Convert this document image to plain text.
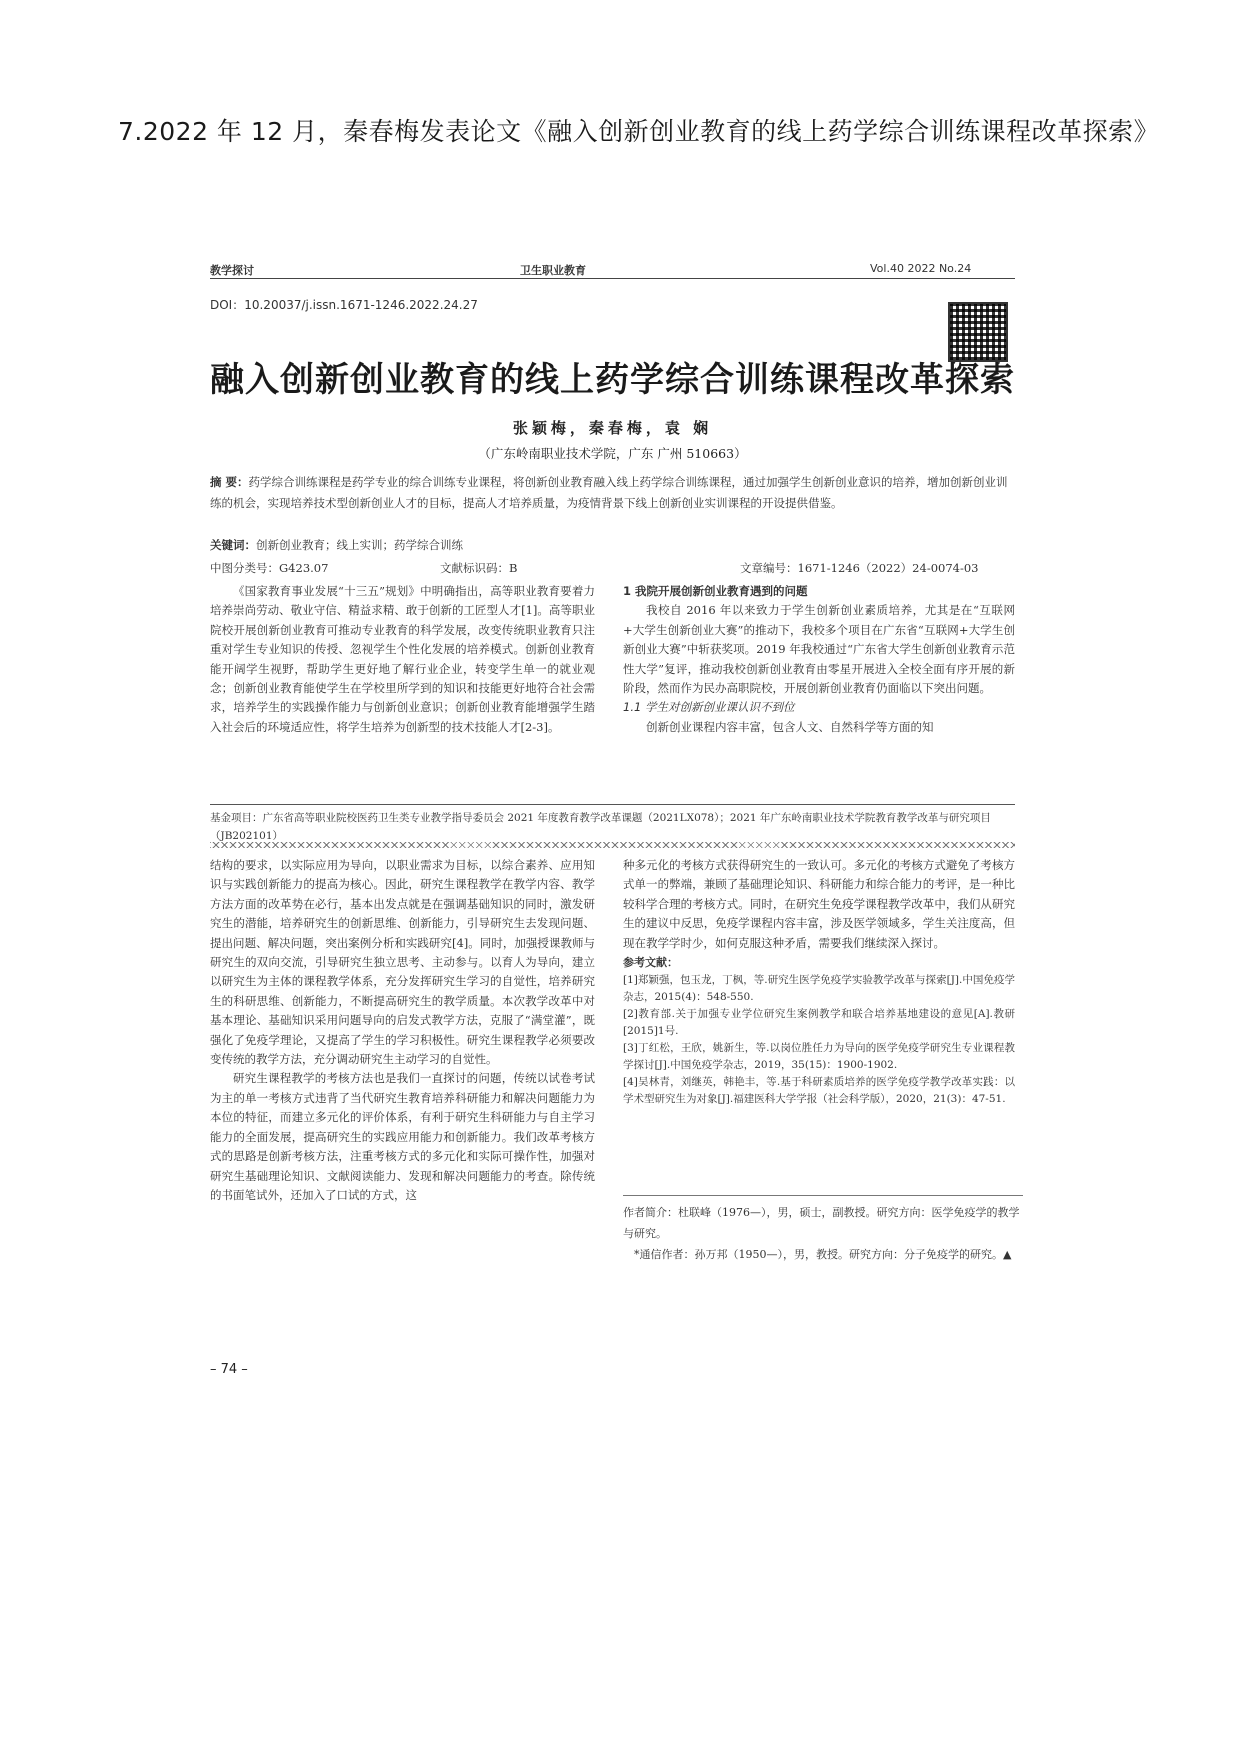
7.2022 年 12 月，秦春梅发表论文《融入创新创业教育的线上药学综合训练课程改革探索》
教学探讨	卫生职业教育	Vol.40 2022 No.24
DOI：10.20037/j.issn.1671-1246.2022.24.27
融入创新创业教育的线上药学综合训练课程改革探索
张颖梅，秦春梅，袁 娴
（广东岭南职业技术学院，广东 广州 510663）
摘 要：药学综合训练课程是药学专业的综合训练专业课程，将创新创业教育融入线上药学综合训练课程，通过加强学生创新创业意识的培养，增加创新创业训练的机会，实现培养技术型创新创业人才的目标，提高人才培养质量，为疫情背景下线上创新创业实训课程的开设提供借鉴。
关键词：创新创业教育；线上实训；药学综合训练
中图分类号：G423.07	文献标识码：B	文章编号：1671-1246（2022）24-0074-03

《国家教育事业发展“十三五”规划》中明确指出，高等职业教育要着力培养崇尚劳动、敬业守信、精益求精、敢于创新的工匠型人才[1]。高等职业院校开展创新创业教育可推动专业教育的科学发展，改变传统职业教育只注重对学生专业知识的传授、忽视学生个性化发展的培养模式。创新创业教育能开阔学生视野，帮助学生更好地了解行业企业，转变学生单一的就业观念；创新创业教育能使学生在学校里所学到的知识和技能更好地符合社会需求，培养学生的实践操作能力与创新创业意识；创新创业教育能增强学生踏入社会后的环境适应性，将学生培养为创新型的技术技能人才[2-3]。

1 我院开展创新创业教育遇到的问题

我校自 2016 年以来致力于学生创新创业素质培养，尤其是在“互联网+大学生创新创业大赛”的推动下，我校多个项目在广东省“互联网+大学生创新创业大赛”中斩获奖项。2019 年我校通过“广东省大学生创新创业教育示范性大学”复评，推动我校创新创业教育由零星开展进入全校全面有序开展的新阶段，然而作为民办高职院校，开展创新创业教育仍面临以下突出问题。

1.1 学生对创新创业课认识不到位

创新创业课程内容丰富，包含人文、自然科学等方面的知

基金项目：广东省高等职业院校医药卫生类专业教学指导委员会 2021 年度教育教学改革课题（2021LX078）；2021 年广东岭南职业技术学院教育教学改革与研究项目（JB202101）

结构的要求，以实际应用为导向，以职业需求为目标，以综合素养、应用知识与实践创新能力的提高为核心。因此，研究生课程教学在教学内容、教学方法方面的改革势在必行，基本出发点就是在强调基础知识的同时，激发研究生的潜能，培养研究生的创新思维、创新能力，引导研究生去发现问题、提出问题、解决问题，突出案例分析和实践研究[4]。同时，加强授课教师与研究生的双向交流，引导研究生独立思考、主动参与。以育人为导向，建立以研究生为主体的课程教学体系，充分发挥研究生学习的自觉性，培养研究生的科研思维、创新能力，不断提高研究生的教学质量。本次教学改革中对基本理论、基础知识采用问题导向的启发式教学方法，克服了“满堂灌”，既强化了免疫学理论，又提高了学生的学习积极性。研究生课程教学必须要改变传统的教学方法，充分调动研究生主动学习的自觉性。

研究生课程教学的考核方法也是我们一直探讨的问题，传统以试卷考试为主的单一考核方式违背了当代研究生教育培养科研能力和解决问题能力为本位的特征，而建立多元化的评价体系，有利于研究生科研能力与自主学习能力的全面发展，提高研究生的实践应用能力和创新能力。我们改革考核方式的思路是创新考核方法，注重考核方式的多元化和实际可操作性，加强对研究生基础理论知识、文献阅读能力、发现和解决问题能力的考查。除传统的书面笔试外，还加入了口试的方式，这

种多元化的考核方式获得研究生的一致认可。多元化的考核方式避免了考核方式单一的弊端，兼顾了基础理论知识、科研能力和综合能力的考评，是一种比较科学合理的考核方式。同时，在研究生免疫学课程教学改革中，我们从研究生的建议中反思，免疫学课程内容丰富，涉及医学领域多，学生关注度高，但现在教学学时少，如何克服这种矛盾，需要我们继续深入探讨。

参考文献：

[1]郑颖强，包玉龙，丁枫，等.研究生医学免疫学实验教学改革与探索[J].中国免疫学杂志，2015(4)：548-550.

[2]教育部.关于加强专业学位研究生案例教学和联合培养基地建设的意见[A].教研[2015]1号.

[3]丁红松，王欣，姚新生，等.以岗位胜任力为导向的医学免疫学研究生专业课程教学探讨[J].中国免疫学杂志，2019，35(15)：1900-1902.

[4]吴林青，刘继英，韩艳丰，等.基于科研素质培养的医学免疫学教学改革实践：以学术型研究生为对象[J].福建医科大学学报（社会科学版），2020，21(3)：47-51.

作者简介：杜联峰（1976—），男，硕士，副教授。研究方向：医学免疫学的教学与研究。
*通信作者：孙万邦（1950—），男，教授。研究方向：分子免疫学的研究。▲
– 74 –
